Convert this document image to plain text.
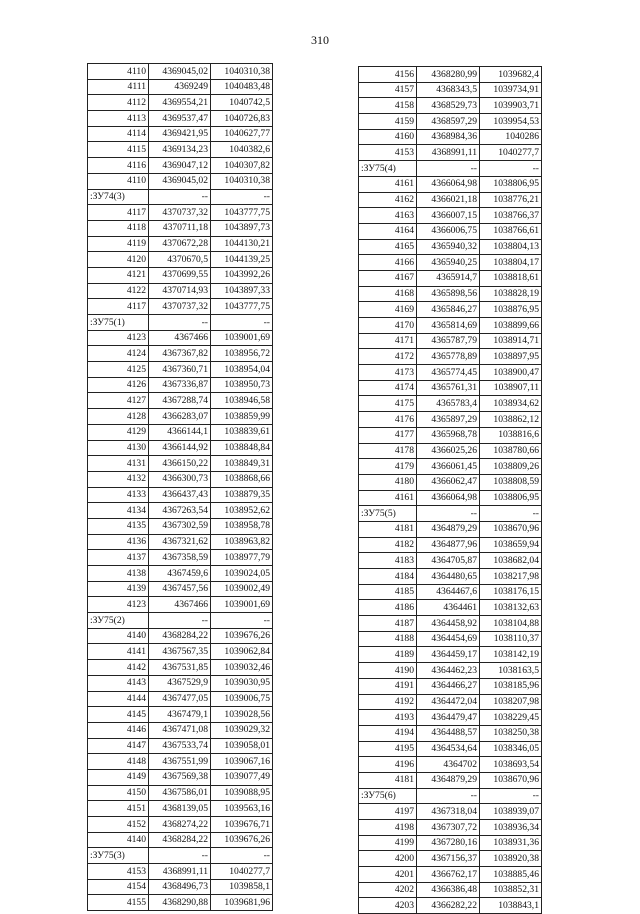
310
4110	4369045,02	1040310,38
4111	4369249	1040483,48
4112	4369554,21	1040742,5
4113	4369537,47	1040726,83
4114	4369421,95	1040627,77
4115	4369134,23	1040382,6
4116	4369047,12	1040307,82
4110	4369045,02	1040310,38
:ЗУ74(3)	--	--
4117	4370737,32	1043777,75
4118	4370711,18	1043897,73
4119	4370672,28	1044130,21
4120	4370670,5	1044139,25
4121	4370699,55	1043992,26
4122	4370714,93	1043897,33
4117	4370737,32	1043777,75
:ЗУ75(1)	--	--
4123	4367466	1039001,69
4124	4367367,82	1038956,72
4125	4367360,71	1038954,04
4126	4367336,87	1038950,73
4127	4367288,74	1038946,58
4128	4366283,07	1038859,99
4129	4366144,1	1038839,61
4130	4366144,92	1038848,84
4131	4366150,22	1038849,31
4132	4366300,73	1038868,66
4133	4366437,43	1038879,35
4134	4367263,54	1038952,62
4135	4367302,59	1038958,78
4136	4367321,62	1038963,82
4137	4367358,59	1038977,79
4138	4367459,6	1039024,05
4139	4367457,56	1039002,49
4123	4367466	1039001,69
:ЗУ75(2)	--	--
4140	4368284,22	1039676,26
4141	4367567,35	1039062,84
4142	4367531,85	1039032,46
4143	4367529,9	1039030,95
4144	4367477,05	1039006,75
4145	4367479,1	1039028,56
4146	4367471,08	1039029,32
4147	4367533,74	1039058,01
4148	4367551,99	1039067,16
4149	4367569,38	1039077,49
4150	4367586,01	1039088,95
4151	4368139,05	1039563,16
4152	4368274,22	1039676,71
4140	4368284,22	1039676,26
:ЗУ75(3)	--	--
4153	4368991,11	1040277,7
4154	4368496,73	1039858,1
4155	4368290,88	1039681,96
4156	4368280,99	1039682,4
4157	4368343,5	1039734,91
4158	4368529,73	1039903,71
4159	4368597,29	1039954,53
4160	4368984,36	1040286
4153	4368991,11	1040277,7
:ЗУ75(4)	--	--
4161	4366064,98	1038806,95
4162	4366021,18	1038776,21
4163	4366007,15	1038766,37
4164	4366006,75	1038766,61
4165	4365940,32	1038804,13
4166	4365940,25	1038804,17
4167	4365914,7	1038818,61
4168	4365898,56	1038828,19
4169	4365846,27	1038876,95
4170	4365814,69	1038899,66
4171	4365787,79	1038914,71
4172	4365778,89	1038897,95
4173	4365774,45	1038900,47
4174	4365761,31	1038907,11
4175	4365783,4	1038934,62
4176	4365897,29	1038862,12
4177	4365968,78	1038816,6
4178	4366025,26	1038780,66
4179	4366061,45	1038809,26
4180	4366062,47	1038808,59
4161	4366064,98	1038806,95
:ЗУ75(5)	--	--
4181	4364879,29	1038670,96
4182	4364877,96	1038659,94
4183	4364705,87	1038682,04
4184	4364480,65	1038217,98
4185	4364467,6	1038176,15
4186	4364461	1038132,63
4187	4364458,92	1038104,88
4188	4364454,69	1038110,37
4189	4364459,17	1038142,19
4190	4364462,23	1038163,5
4191	4364466,27	1038185,96
4192	4364472,04	1038207,98
4193	4364479,47	1038229,45
4194	4364488,57	1038250,38
4195	4364534,64	1038346,05
4196	4364702	1038693,54
4181	4364879,29	1038670,96
:ЗУ75(6)	--	--
4197	4367318,04	1038939,07
4198	4367307,72	1038936,34
4199	4367280,16	1038931,36
4200	4367156,37	1038920,38
4201	4366762,17	1038885,46
4202	4366386,48	1038852,31
4203	4366282,22	1038843,1
